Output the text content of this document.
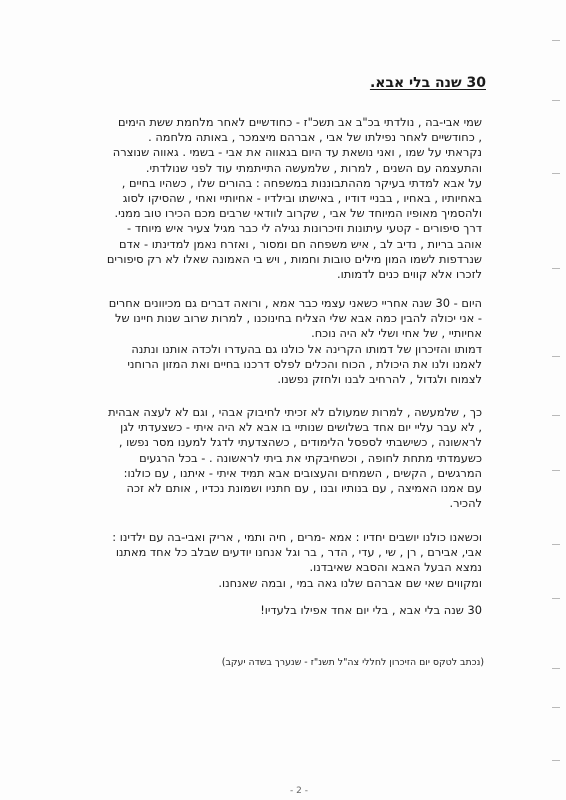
30 שנה בלי אבא.
שמי אבי-בה , נולדתי בכ"ב אב תשכ"ז - כחודשיים לאחר מלחמת ששת הימים
, כחודשיים לאחר נפילתו של אבי , אברהם מיצמכר , באותה מלחמה .
נקראתי על שמו , ואני נושאת עד היום בגאווה את אבי - בשמי . גאווה שנוצרה
והתעצמה עם השנים , למרות , שלמעשה התייתמתי עוד לפני שנולדתי.
על אבא למדתי בעיקר מההתבוננות במשפחה : בהורים שלו , כשהיו בחיים ,
באחיותיו , באחיו , בבניי דודיו , באישתו ובילדיו - אחיותיי ואחי , שהסיקו לסוג
ולהסמיך מאופיו המיוחד של אבי , שקרוב לוודאי שרבים מכם הכירו טוב ממני.
דרך סיפורים - קטעי עיתונות וזיכרונות נגילה לי כבר מגיל צעיר איש מיוחד -
אוהב בריות , נדיב לב , איש משפחה חם ומסור , ואזרח נאמן למדינתו - אדם
שנרדפות לשמו המון מילים טובות וחמות , ויש בי האמונה שאלו לא רק סיפורים
לזכרו אלא קווים כנים לדמותו.
היום - 30 שנה אחריי כשאני עצמי כבר אמא , ורואה דברים גם מכיוונים אחרים
- אני יכולה להבין כמה אבא שלי הצליח בחינוכנו , למרות שרוב שנות חיינו של
אחיותיי , של אחי ושלי לא היה נוכח.
דמותו והזיכרון של דמותו הקרינה אל כולנו גם בהעדרו ולכדה אותנו ונתנה
לאמנו ולנו את היכולת , הכוח והכלים לפלס דרכנו בחיים ואת המזון הרוחני
לצמוח ולגדול , להרחיב לבנו ולחזק נפשנו.
כך , שלמעשה , למרות שמעולם לא זכיתי לחיבוק אבהי , וגם לא לעצה אבהית
, לא עבר עליי יום אחד בשלושים שנותיי בו אבא לא היה איתי - כשצעדתי לגן
לראשונה , כשישבתי לספסל הלימודים , כשהצדעתי לדגל למענו מסר נפשו ,
כשעמדתי מתחת לחופה , וכשחיבקתי את ביתי לראשונה . - בכל הרגעים
המרגשים , הקשים , השמחים והעצובים אבא תמיד איתי - איתנו , עם כולנו:
עם אמנו האמיצה , עם בנותיו ובנו , עם חתניו ושמונת נכדיו , אותם לא זכה
להכיר.
וכשאנו כולנו יושבים יחדיו : אמא -מרים , חיה ותמי , אריק ואבי-בה עם ילדינו :
אבי, אבירם , רן , שי , עדי , הדר , בר וגל אנחנו יודעים שבלב כל אחד מאתנו
נמצא הבעל האבא והסבא שאיבדנו.
ומקווים שאי שם אברהם שלנו גאה במי , ובמה שאנחנו.
30 שנה בלי אבא , בלי יום אחד אפילו בלעדיו!
(נכתב לטקס יום הזיכרון לחללי צה"ל תשנ"ז - שנערך בשדה יעקב)
- 2 -
